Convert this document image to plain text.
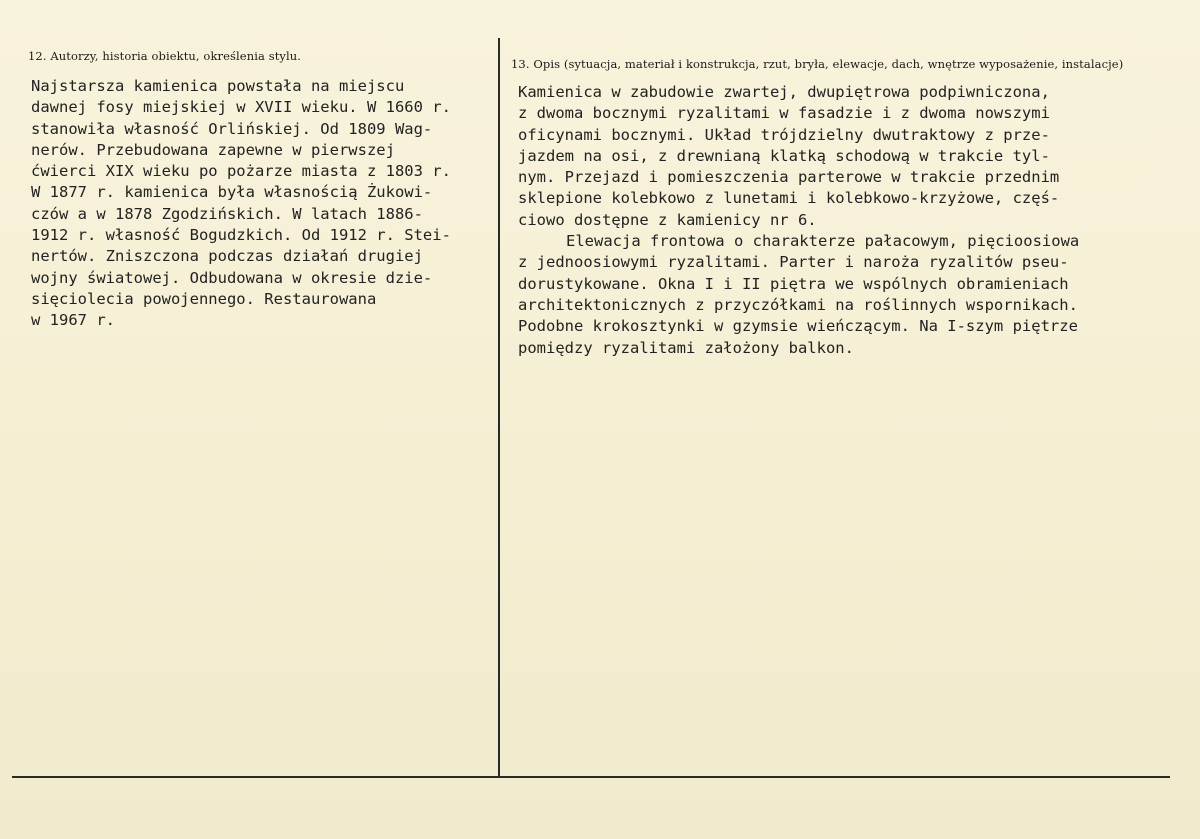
12. Autorzy, historia obiektu, określenia stylu.
13. Opis (sytuacja, materiał i konstrukcja, rzut, bryła, elewacje, dach, wnętrze wyposażenie, instalacje)
Najstarsza kamienica powstała na miejscu
dawnej fosy miejskiej w XVII wieku. W 1660 r.
stanowiła własność Orlińskiej. Od 1809 Wag-
nerów. Przebudowana zapewne w pierwszej
ćwierci XIX wieku po pożarze miasta z 1803 r.
W 1877 r. kamienica była własnością Żukowi-
czów a w 1878 Zgodzińskich. W latach 1886-
1912 r. własność Bogudzkich. Od 1912 r. Stei-
nertów. Zniszczona podczas działań drugiej
wojny światowej. Odbudowana w okresie dzie-
sięciolecia powojennego. Restaurowana
w 1967 r.
Kamienica w zabudowie zwartej, dwupiętrowa podpiwniczona,
z dwoma bocznymi ryzalitami w fasadzie i z dwoma nowszymi
oficynami bocznymi. Układ trójdzielny dwutraktowy z prze-
jazdem na osi, z drewnianą klatką schodową w trakcie tyl-
nym. Przejazd i pomieszczenia parterowe w trakcie przednim
sklepione kolebkowo z lunetami i kolebkowo-krzyżowe, częś-
ciowo dostępne z kamienicy nr 6.
Elewacja frontowa o charakterze pałacowym, pięcioosiowa
z jednoosiowymi ryzalitami. Parter i naroża ryzalitów pseu-
dorustykowane. Okna I i II piętra we wspólnych obramieniach
architektonicznych z przyczółkami na roślinnych wspornikach.
Podobne krokosztynki w gzymsie wieńczącym. Na I-szym piętrze
pomiędzy ryzalitami założony balkon.
